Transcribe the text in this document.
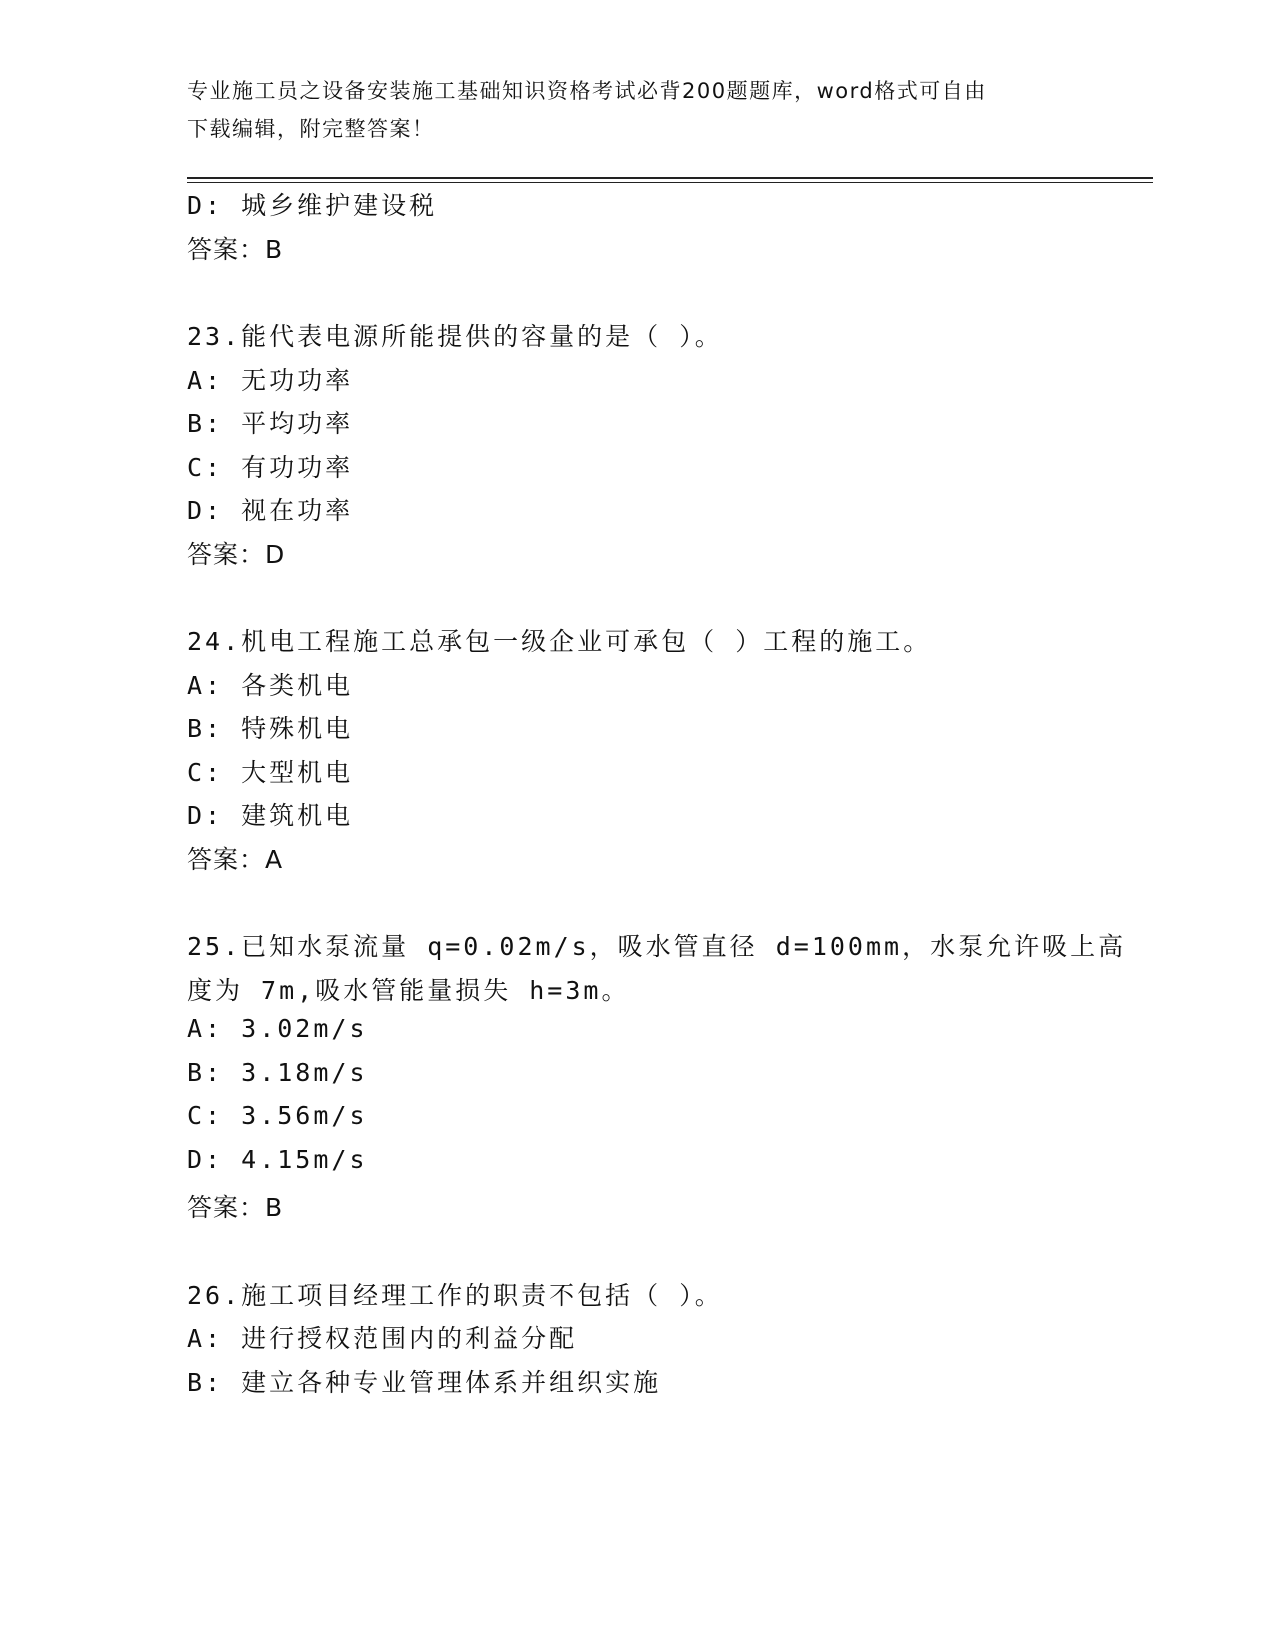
专业施工员之设备安装施工基础知识资格考试必背200题题库，word格式可自由
下载编辑，附完整答案！
D: 城乡维护建设税
答案：B
23.能代表电源所能提供的容量的是（ ）。
A: 无功功率
B: 平均功率
C: 有功功率
D: 视在功率
答案：D
24.机电工程施工总承包一级企业可承包（ ）工程的施工。
A: 各类机电
B: 特殊机电
C: 大型机电
D: 建筑机电
答案：A
25.已知水泵流量 q=0.02m/s，吸水管直径 d=100mm，水泵允许吸上高
度为 7m,吸水管能量损失 h=3m。
A: 3.02m/s
B: 3.18m/s
C: 3.56m/s
D: 4.15m/s
答案：B
26.施工项目经理工作的职责不包括（ ）。
A: 进行授权范围内的利益分配
B: 建立各种专业管理体系并组织实施
